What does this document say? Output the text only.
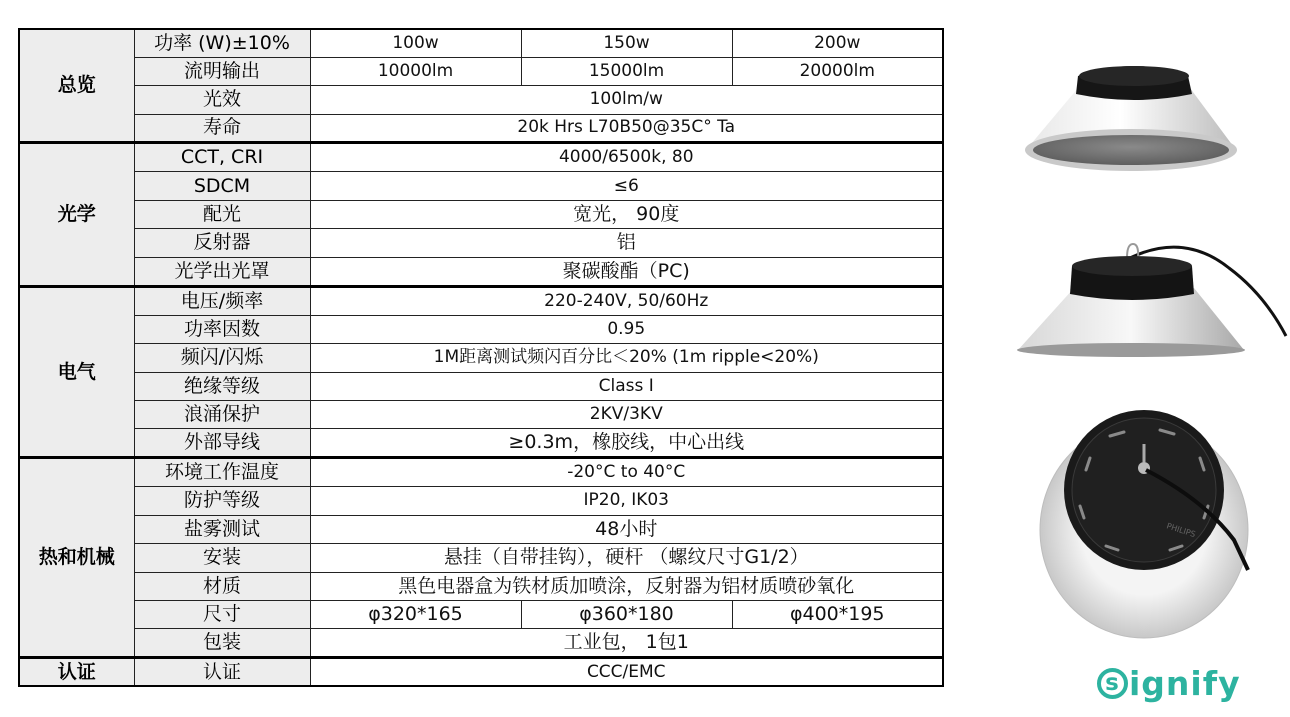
总览	功率 (W)±10%	100w	150w	200w
	流明输出	10000lm	15000lm	20000lm
	光效	100lm/w		
	寿命	20k Hrs L70B50@35C° Ta		
光学	CCT, CRI	4000/6500k, 80		
	SDCM	≤6		
	配光	宽光， 90度		
	反射器	铝		
	光学出光罩	聚碳酸酯（PC)		
电气	电压/频率	220-240V, 50/60Hz		
	功率因数	0.95		
	频闪/闪烁	1M距离测试频闪百分比＜20% (1m ripple<20%)		
	绝缘等级	Class I		
	浪涌保护	2KV/3KV		
	外部导线	≥0.3m，橡胶线，中心出线		
热和机械	环境工作温度	-20°C to 40°C		
	防护等级	IP20, IK03		
	盐雾测试	48小时		
	安装	悬挂（自带挂钩），硬杆 （螺纹尺寸G1/2）		
	材质	黑色电器盒为铁材质加喷涂，反射器为铝材质喷砂氧化		
	尺寸	φ320*165	φ360*180	φ400*195
	包装	工业包， 1包1		
认证	认证	CCC/EMC		
PHILIPS
s ignify
